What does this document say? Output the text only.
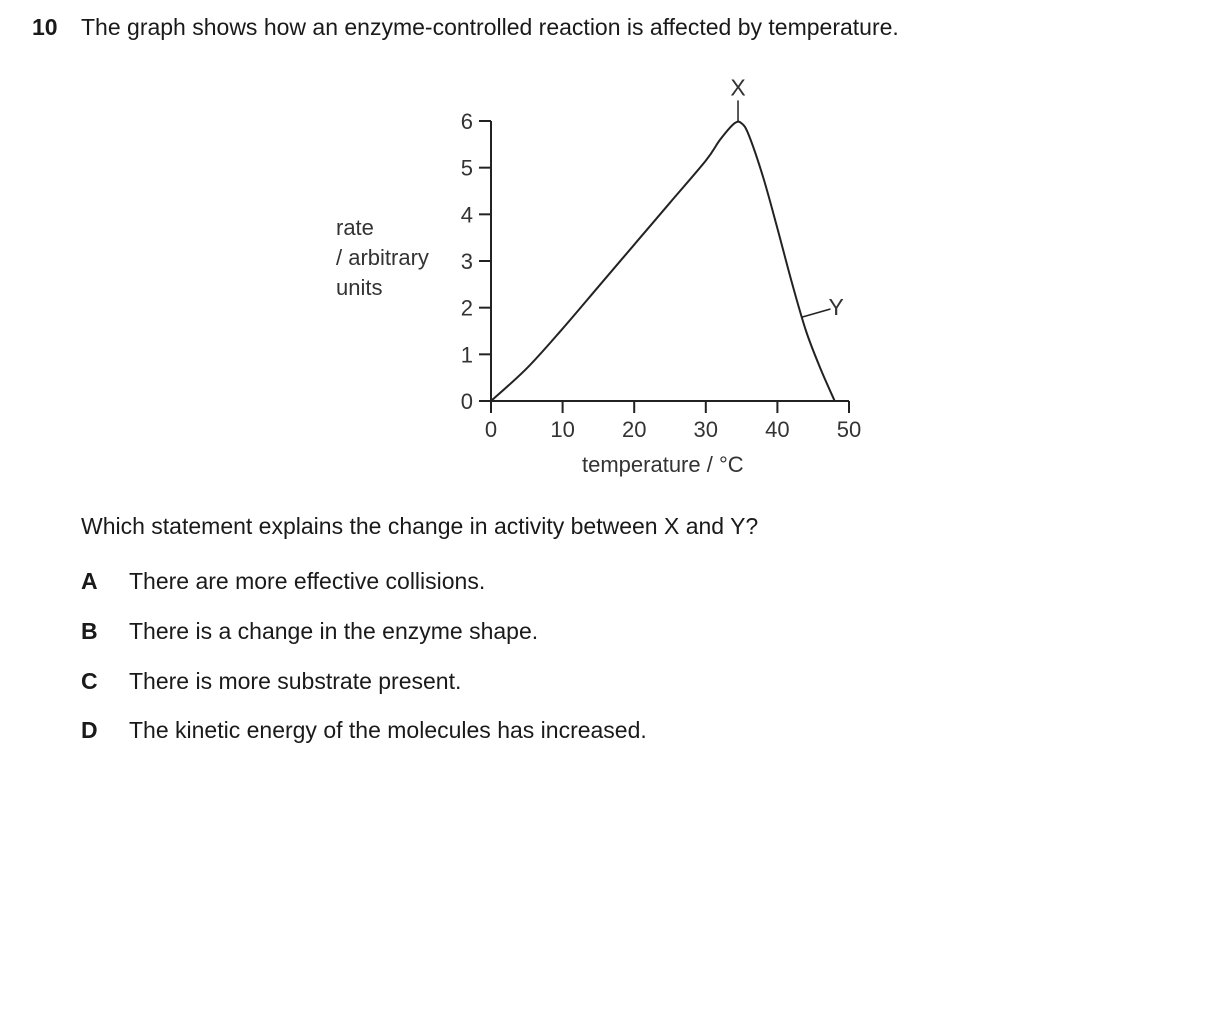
10 The graph shows how an enzyme-controlled reaction is affected by temperature.
0
1
2
3
4
5
6
0 10 20 30 40 50
X
Y
rate
/ arbitrary
units
temperature / °C
Which statement explains the change in activity between X and Y?
A There are more effective collisions.
B There is a change in the enzyme shape.
C There is more substrate present.
D The kinetic energy of the molecules has increased.
